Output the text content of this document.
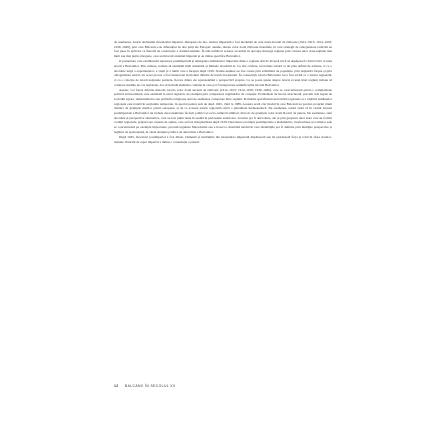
de asemenea, istoria declinului mozaicului imperial. Detașarea de mo- tenirea imperială a fost modelată de cele două decenii de războaie (1912–1913; 1914–1918; 1939–1949), prin care Balcanii s-au diferențiat de alte părți ale Europei: anume, durata celor două războaie mondiale, în care strategii de omogenizare radicală au fost puse în aplicare ca metodă de construcție a statului-națiune. În anii următori acestea au urmat în aproape întreaga regiune prin crearea unor state-națiune mai mult sau mai puțin omogene, care au înlocuit sistemul imperial și au rămas specifice Balcanilor.

O prezentare care examinează separarea postimperială și emergența elementelor imperiale dintr-o regiune atât de diversă riscă să depășească cadrul strict al unei istorii a Balcanilor. Prin urmare, trebuie să analizăm întâi domeniul și limitele abordării ei. Cu alte cuvinte, nu trebuie tratată ca un plan definit de acțiune, ci ca o abordare largă a experiențelor, a vieții și a lumii care a început după 1918. Statele-națiune au fost create prin schimburi de populație, prin deplasări forțate și prin omogenizare etnică, iar acest proces a fost interpretat în moduri diferite de istoricii naționali. În consecință, istoria Balcanilor nu a fost scrisă ca o istorie regională, ci ca o colecție de istorii naționale paralele, fiecare dintre ele reprezentând o perspectivă proprie. Ce se poate spune despre istoria ei unei mari regiuni trebuie să compare studiile de caz naționale, dar să includă elemente comune în care pot fi interpretate semnificațiile istoriei Balcanilor.

Așadar, voi folosi diferite metode: istoria celor două decenii de războaie (1912–1913; 1914–1918; 1939–1949), care se caracterizează printr-o complexitate politică extraordinară, este analizată la nivel regional, de exemplu prin compararea regimurilor de ocupație. Problemele de istorie structurală, precum cele legate de societăți agrare, industrializare sau politicile religioase sunt de asemenea comparate între regiuni. Problema specificului dezvoltării regionale și a căutării tendințelor regionale este tratată în secțiunile temporale, în special pentru anii de după 1945, când la 1989. Aceasta arată clar modul în care Balcanii au parcurs propriul drum distinct de granițele marilor puteri europene, și de ce aceasta istorie regională oferă o pluralitate hermeneutică. De asemenea, textul arată că în cadrul istoriei postimperiale a Balcanilor nu trebuie desconsiderate factorii politici și socio-culturali similari, dincolo de granițele celor două blocuri de putere. De asemenea, sunt abordate și perspective alternative, care au fost puțin luate în seamă în perioadele anterioare. Acestea pot fi dezvoltate, dar și prin gruparea unor state care au format coaliții regionale, grupuri sau curente de opinie, care au fost marginalizate după 1918. Descrierea evoluției postimperiale a mahalalelor, vieții urbane și a elitelor sale se concentrează pe exemple importante, precum regiunea Macedoniei sau a Kosovo, ilustrând modul în care identitățile pot fi definite prin multiple perspective și legături de apartenență, în ciuda situației politice de dezordine a Balcanilor.

După 1945, mozaicul postimperial a fost diluat. Oamenii și instituțiile din moștenirea imperială dispăruseră sau își pierduseră forța și rolul în afara statelor-națiune. Punctul de reper imperial a rămas o constelație a puterii.

12 BALCANII ÎN SECOLUL XX
